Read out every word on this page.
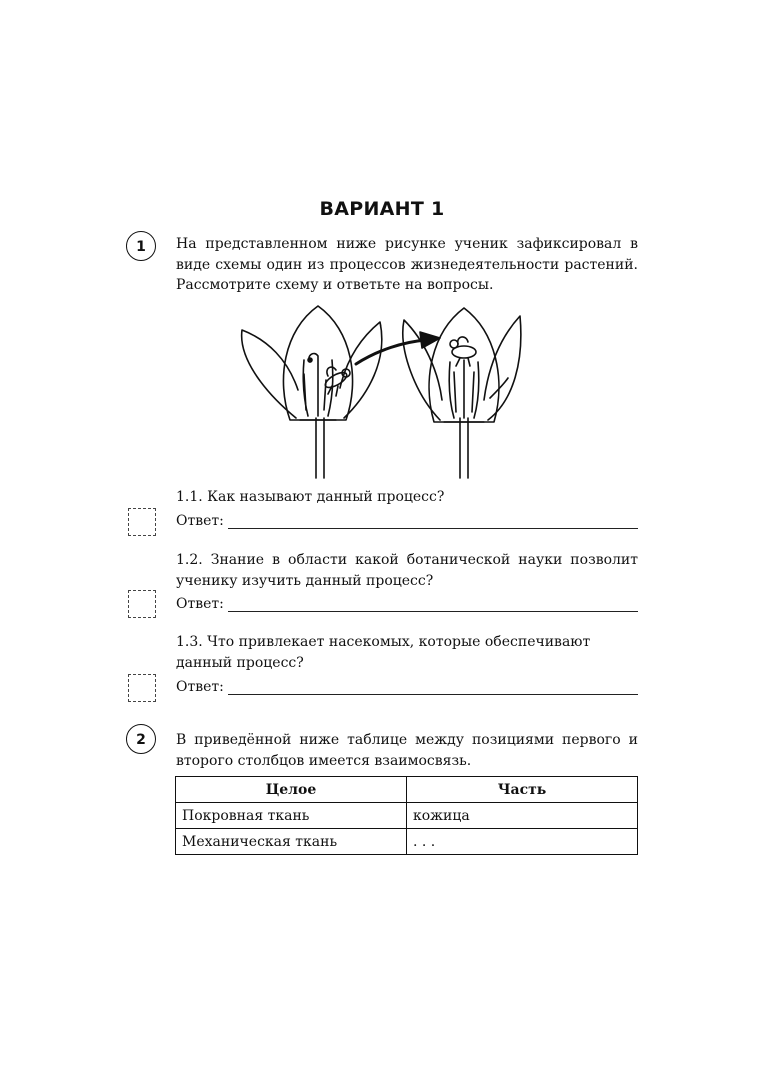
ВАРИАНТ 1
1	На представленном ниже рисунке ученик зафиксировал в виде схемы один из процессов жизнедеятельности растений. Рассмотрите схему и ответьте на вопросы.
1.1. Как называют данный процесс?
Ответ:
1.2. Знание в области какой ботанической науки позволит ученику изучить данный процесс?
Ответ:
1.3. Что привлекает насекомых, которые обеспечивают данный процесс?
Ответ:
2	В приведённой ниже таблице между позициями первого и второго столбцов имеется взаимосвязь.
Целое	Часть
Покровная ткань	кожица
Механическая ткань	. . .
